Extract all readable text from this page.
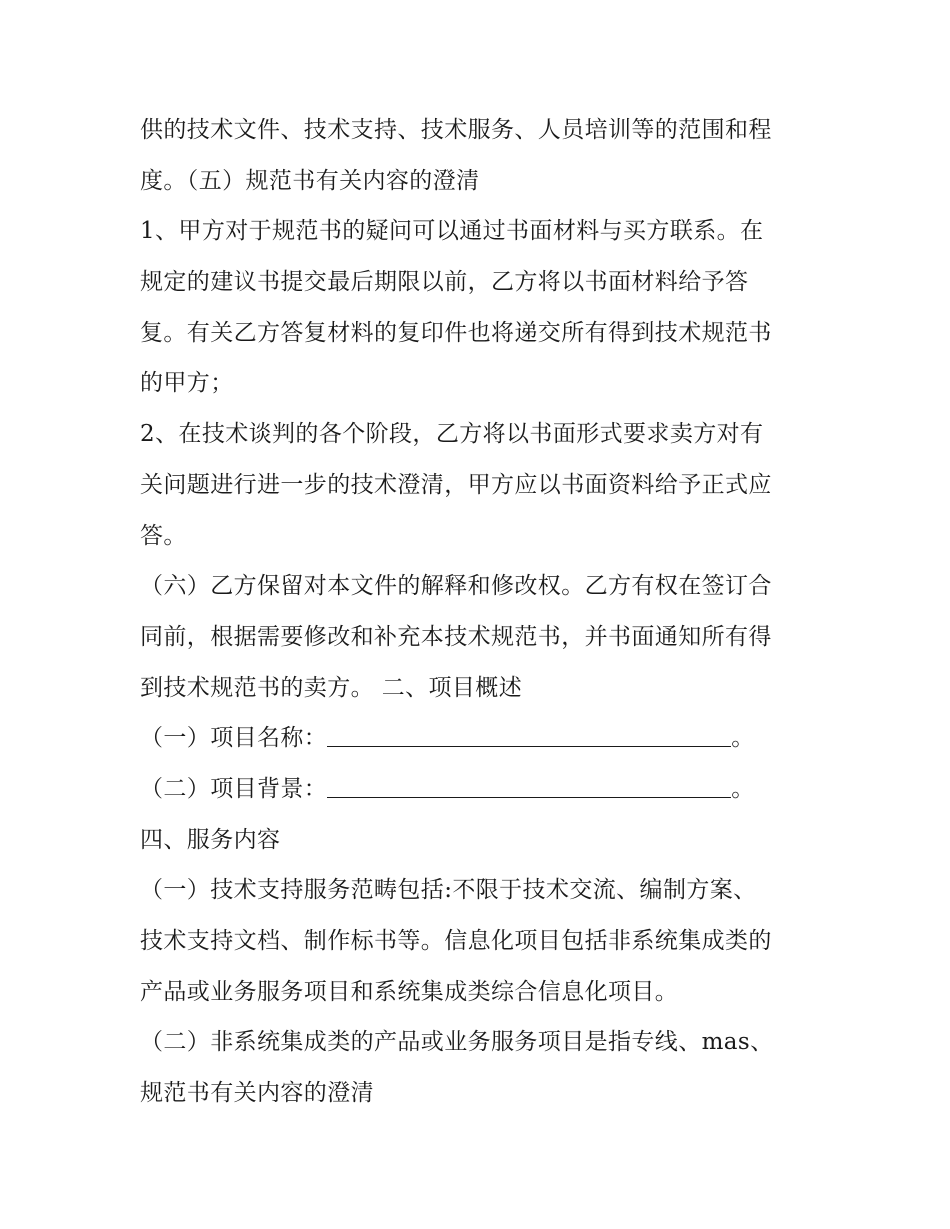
供的技术文件、技术支持、技术服务、人员培训等的范围和程
度。（五）规范书有关内容的澄清
1、甲方对于规范书的疑问可以通过书面材料与买方联系。在
规定的建议书提交最后期限以前，乙方将以书面材料给予答
复。有关乙方答复材料的复印件也将递交所有得到技术规范书
的甲方；
2、在技术谈判的各个阶段，乙方将以书面形式要求卖方对有
关问题进行进一步的技术澄清，甲方应以书面资料给予正式应
答。
（六）乙方保留对本文件的解释和修改权。乙方有权在签订合
同前，根据需要修改和补充本技术规范书，并书面通知所有得
到技术规范书的卖方。 二、项目概述
（一）项目名称：	。
（二）项目背景：	。
四、服务内容
（一）技术支持服务范畴包括:不限于技术交流、编制方案、
技术支持文档、制作标书等。信息化项目包括非系统集成类的
产品或业务服务项目和系统集成类综合信息化项目。
（二）非系统集成类的产品或业务服务项目是指专线、mas、
规范书有关内容的澄清
